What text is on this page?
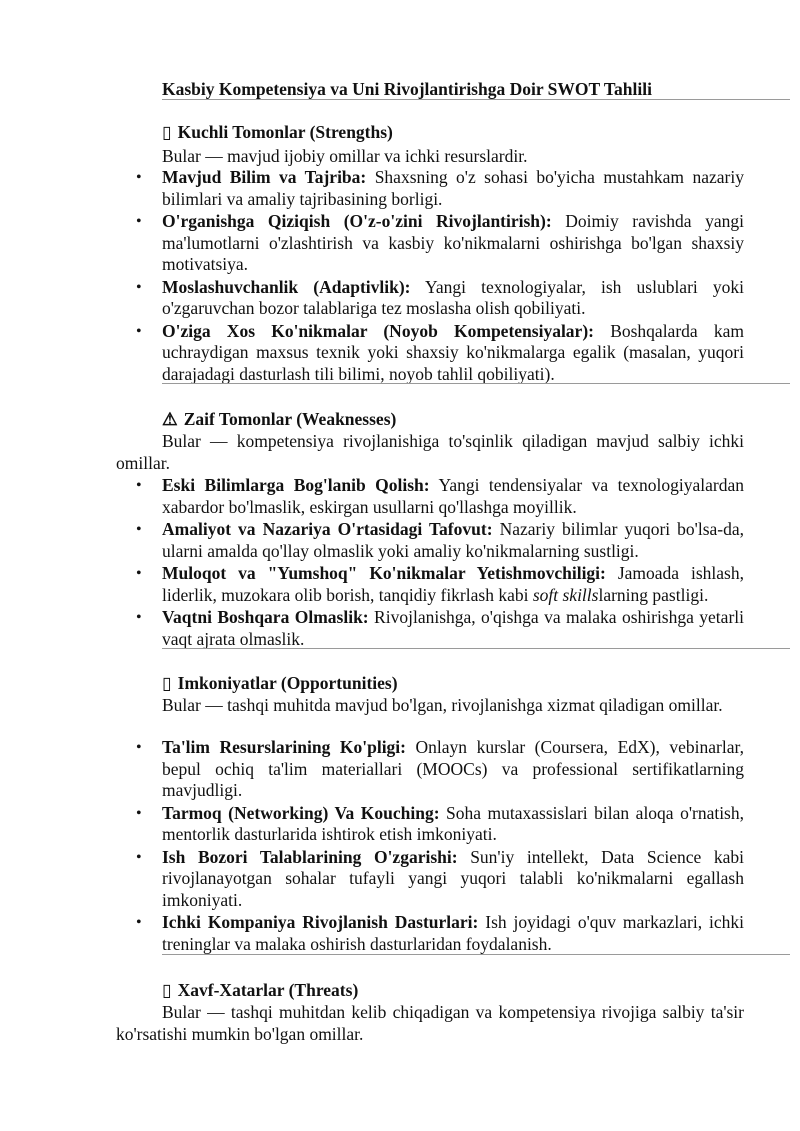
Kasbiy Kompetensiya va Uni Rivojlantirishga Doir SWOT Tahlili
▯ Kuchli Tomonlar (Strengths)
Bular — mavjud ijobiy omillar va ichki resurslardir.
• Mavjud Bilim va Tajriba: Shaxsning o'z sohasi bo'yicha mustahkam nazariy bilimlari va amaliy tajribasining borligi.
• O'rganishga Qiziqish (O'z-o'zini Rivojlantirish): Doimiy ravishda yangi ma'lumotlarni o'zlashtirish va kasbiy ko'nikmalarni oshirishga bo'lgan shaxsiy motivatsiya.
• Moslashuvchanlik (Adaptivlik): Yangi texnologiyalar, ish uslublari yoki o'zgaruvchan bozor talablariga tez moslasha olish qobiliyati.
• O'ziga Xos Ko'nikmalar (Noyob Kompetensiyalar): Boshqalarda kam uchraydigan maxsus texnik yoki shaxsiy ko'nikmalarga egalik (masalan, yuqori darajadagi dasturlash tili bilimi, noyob tahlil qobiliyati).
⚠ Zaif Tomonlar (Weaknesses)
Bular — kompetensiya rivojlanishiga to'sqinlik qiladigan mavjud salbiy ichki omillar.
• Eski Bilimlarga Bog'lanib Qolish: Yangi tendensiyalar va texnologiyalardan xabardor bo'lmaslik, eskirgan usullarni qo'llashga moyillik.
• Amaliyot va Nazariya O'rtasidagi Tafovut: Nazariy bilimlar yuqori bo'lsa-da, ularni amalda qo'llay olmaslik yoki amaliy ko'nikmalarning sustligi.
• Muloqot va "Yumshoq" Ko'nikmalar Yetishmovchiligi: Jamoada ishlash, liderlik, muzokara olib borish, tanqidiy fikrlash kabi soft skillslarning pastligi.
• Vaqtni Boshqara Olmaslik: Rivojlanishga, o'qishga va malaka oshirishga yetarli vaqt ajrata olmaslik.
▯ Imkoniyatlar (Opportunities)
Bular — tashqi muhitda mavjud bo'lgan, rivojlanishga xizmat qiladigan omillar.
• Ta'lim Resurslarining Ko'pligi: Onlayn kurslar (Coursera, EdX), vebinarlar, bepul ochiq ta'lim materiallari (MOOCs) va professional sertifikatlarning mavjudligi.
• Tarmoq (Networking) Va Kouching: Soha mutaxassislari bilan aloqa o'rnatish, mentorlik dasturlarida ishtirok etish imkoniyati.
• Ish Bozori Talablarining O'zgarishi: Sun'iy intellekt, Data Science kabi rivojlanayotgan sohalar tufayli yangi yuqori talabli ko'nikmalarni egallash imkoniyati.
• Ichki Kompaniya Rivojlanish Dasturlari: Ish joyidagi o'quv markazlari, ichki treninglar va malaka oshirish dasturlaridan foydalanish.
▯ Xavf-Xatarlar (Threats)
Bular — tashqi muhitdan kelib chiqadigan va kompetensiya rivojiga salbiy ta'sir ko'rsatishi mumkin bo'lgan omillar.
